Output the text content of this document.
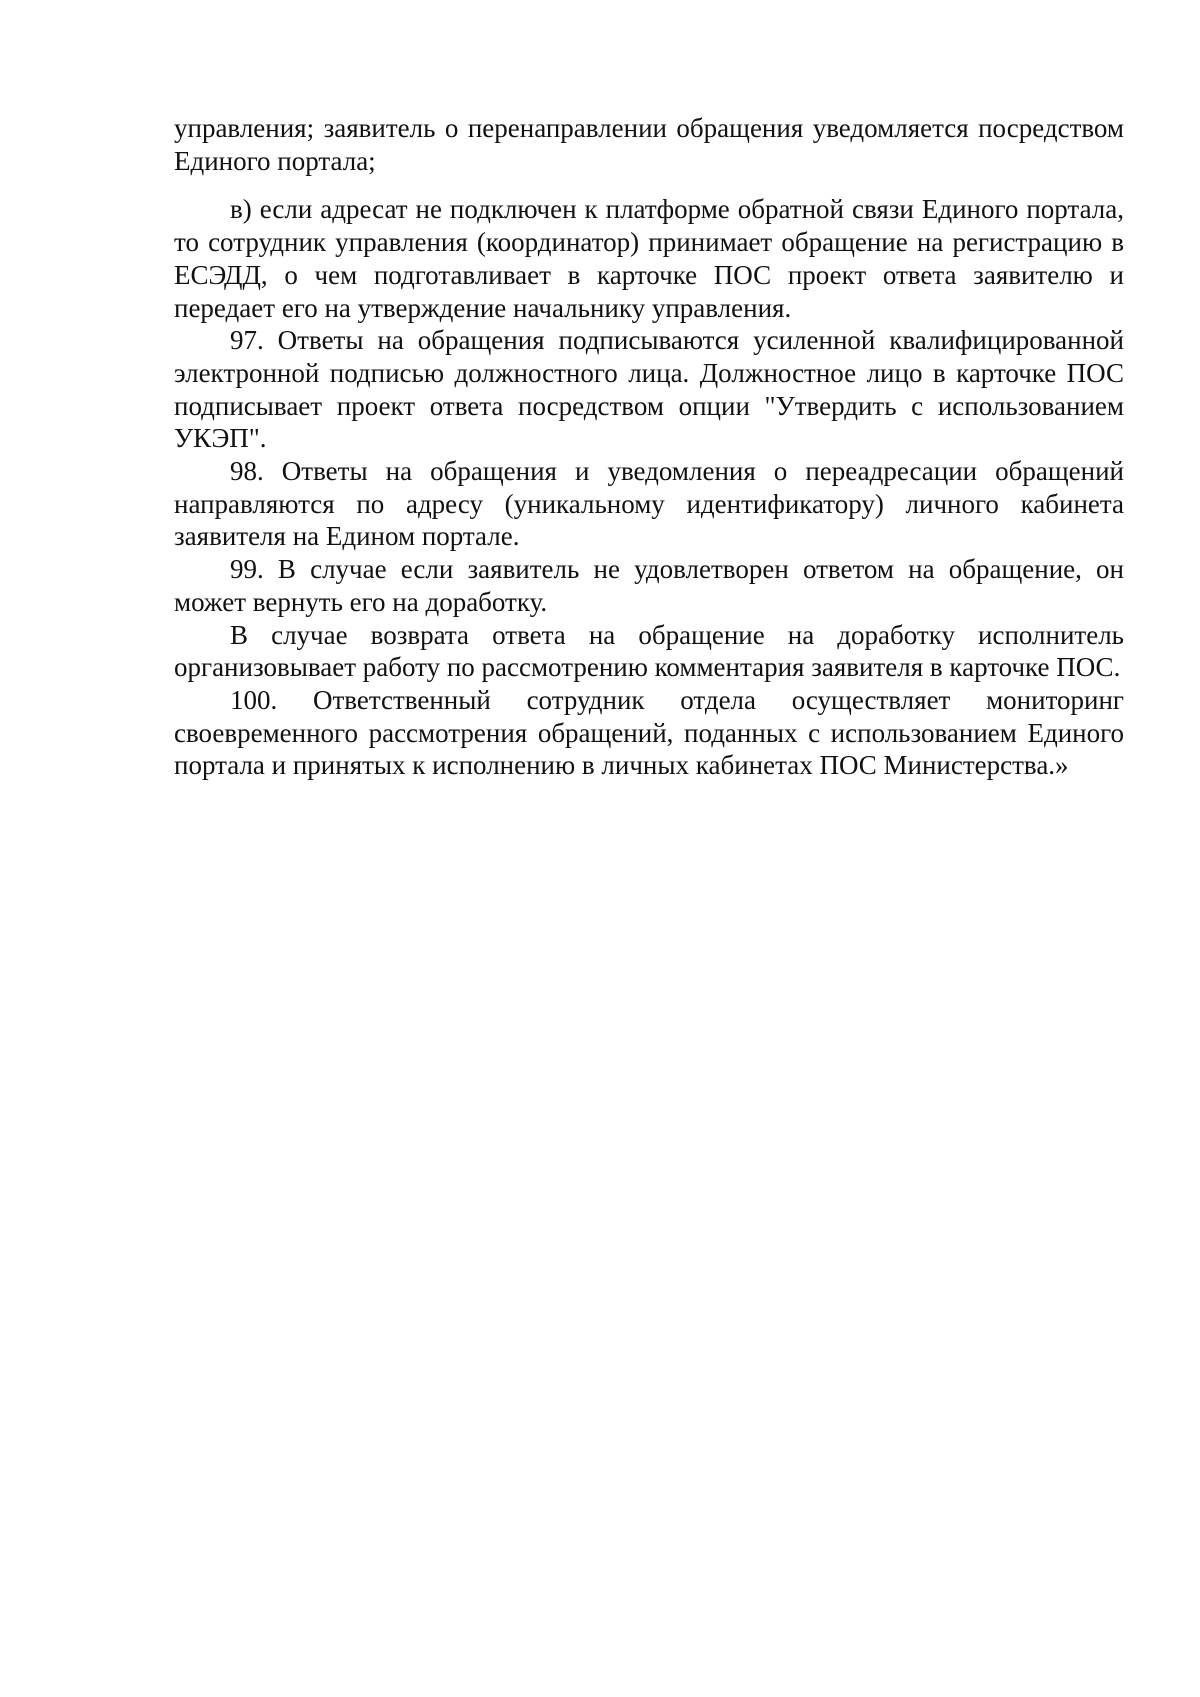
управления; заявитель о перенаправлении обращения уведомляется посредством Единого портала;

в) если адресат не подключен к платформе обратной связи Единого портала, то сотрудник управления (координатор) принимает обращение на регистрацию в ЕСЭДД, о чем подготавливает в карточке ПОС проект ответа заявителю и передает его на утверждение начальнику управления.

97. Ответы на обращения подписываются усиленной квалифицированной электронной подписью должностного лица. Должностное лицо в карточке ПОС подписывает проект ответа посредством опции "Утвердить с использованием УКЭП".

98. Ответы на обращения и уведомления о переадресации обращений направляются по адресу (уникальному идентификатору) личного кабинета заявителя на Едином портале.

99. В случае если заявитель не удовлетворен ответом на обращение, он может вернуть его на доработку.

В случае возврата ответа на обращение на доработку исполнитель организовывает работу по рассмотрению комментария заявителя в карточке ПОС.

100. Ответственный сотрудник отдела осуществляет мониторинг своевременного рассмотрения обращений, поданных с использованием Единого портала и принятых к исполнению в личных кабинетах ПОС Министерства.»
